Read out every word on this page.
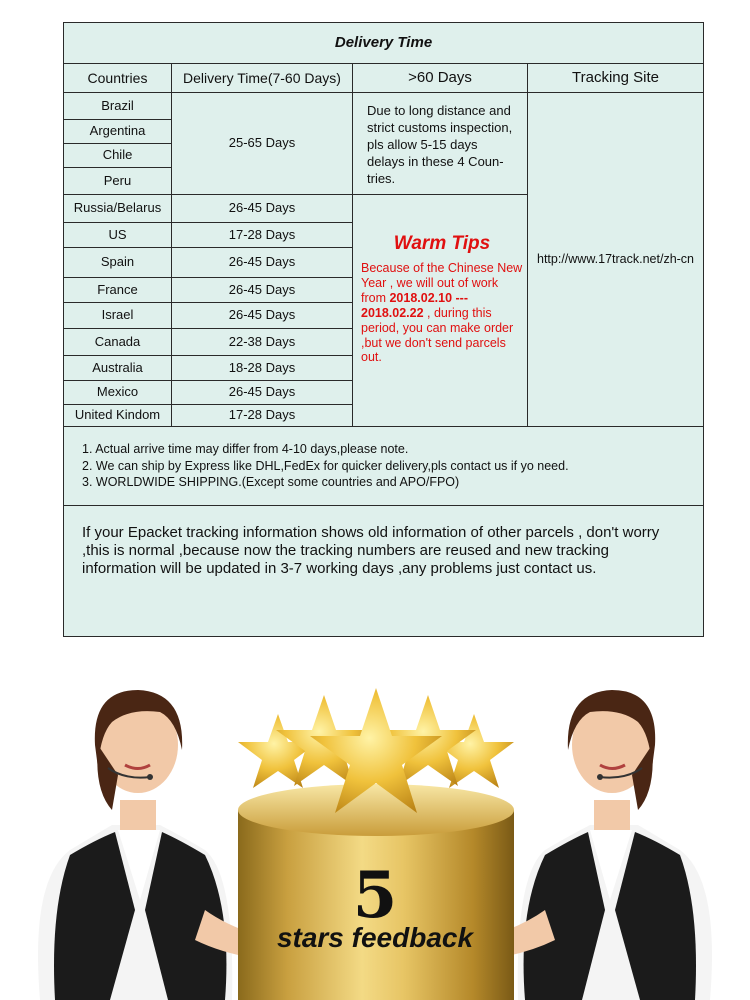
Delivery Time			
Countries	Delivery Time(7-60 Days)	>60 Days	Tracking Site
Brazil	25-65 Days	Due to long distance and strict customs inspection, pls allow 5-15 days delays in these 4 Coun- tries.	http://www.17track.net/zh-cn
Argentina			
Chile			
Peru			
Russia/Belarus	26-45 Days	Warm Tips
Because of the Chinese New Year , we will out of work from 2018.02.10 --- 2018.02.22 , during this period, you can make order ,but we don't send parcels out.	
US	17-28 Days		
Spain	26-45 Days		
France	26-45 Days		
Israel	26-45 Days		
Canada	22-38 Days		
Australia	18-28 Days		
Mexico	26-45 Days		
United Kindom	17-28 Days		

1. Actual arrive time may differ from 4-10 days,please note.
2. We can ship by Express like DHL,FedEx for quicker delivery,pls contact us if yo need.
3. WORLDWIDE SHIPPING.(Except some countries and APO/FPO)			

If your Epacket tracking information shows old information of other parcels , don't worry ,this is normal ,because now the tracking numbers are reused and new tracking information will be updated in 3-7 working days ,any problems just contact us.			
5
stars feedback
